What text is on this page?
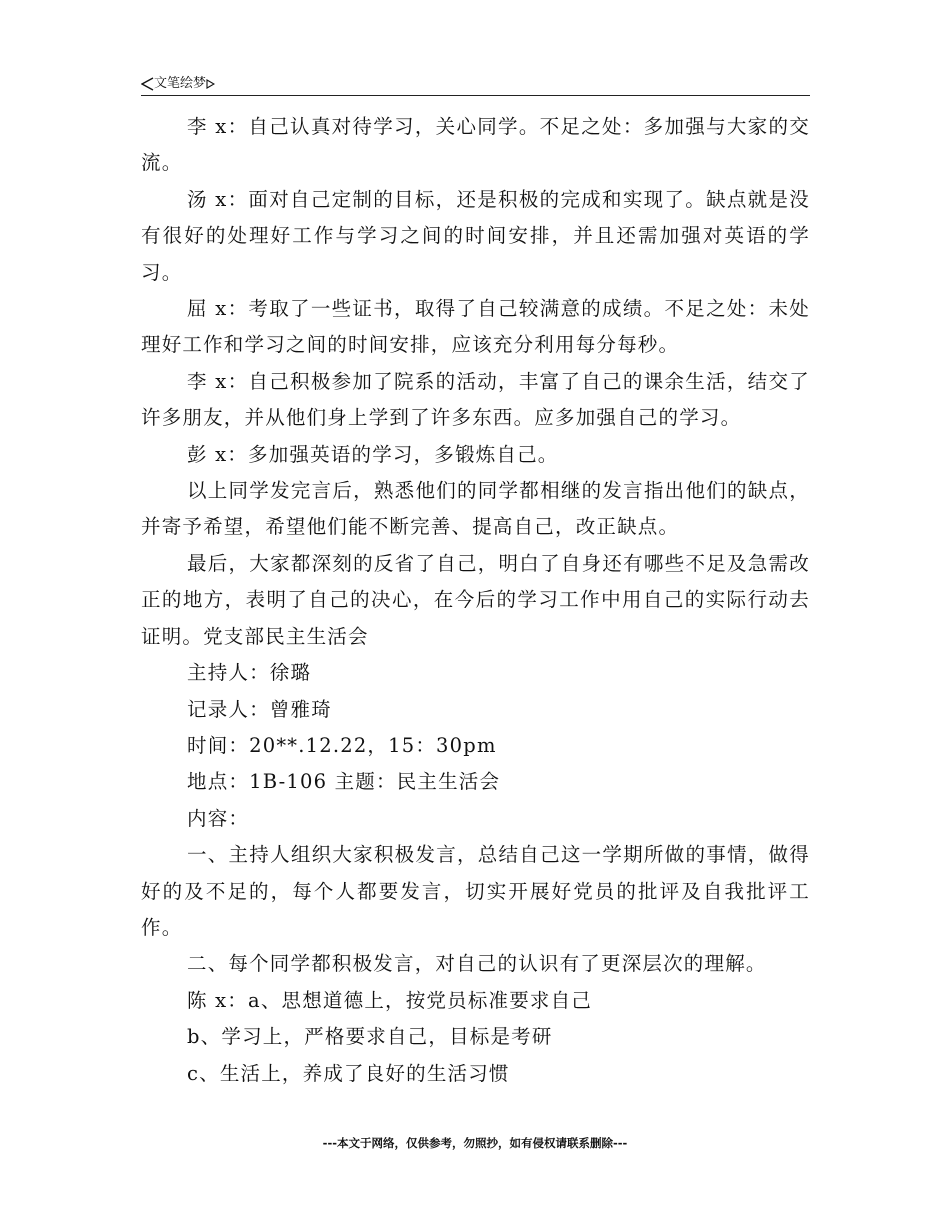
文笔绘梦

李 x：自己认真对待学习，关心同学。不足之处：多加强与大家的交流。

汤 x：面对自己定制的目标，还是积极的完成和实现了。缺点就是没有很好的处理好工作与学习之间的时间安排，并且还需加强对英语的学习。

屈 x：考取了一些证书，取得了自己较满意的成绩。不足之处：未处理好工作和学习之间的时间安排，应该充分利用每分每秒。

李 x：自己积极参加了院系的活动，丰富了自己的课余生活，结交了许多朋友，并从他们身上学到了许多东西。应多加强自己的学习。

彭 x：多加强英语的学习，多锻炼自己。

以上同学发完言后，熟悉他们的同学都相继的发言指出他们的缺点，并寄予希望，希望他们能不断完善、提高自己，改正缺点。

最后，大家都深刻的反省了自己，明白了自身还有哪些不足及急需改正的地方，表明了自己的决心，在今后的学习工作中用自己的实际行动去证明。党支部民主生活会

主持人：徐璐

记录人：曾雅琦

时间：20**.12.22，15：30pm

地点：1B-106 主题：民主生活会

内容：

一、主持人组织大家积极发言，总结自己这一学期所做的事情，做得好的及不足的，每个人都要发言，切实开展好党员的批评及自我批评工作。

二、每个同学都积极发言，对自己的认识有了更深层次的理解。

陈 x：a、思想道德上，按党员标准要求自己

b、学习上，严格要求自己，目标是考研

c、生活上，养成了良好的生活习惯

---本文于网络，仅供参考，勿照抄，如有侵权请联系删除---
